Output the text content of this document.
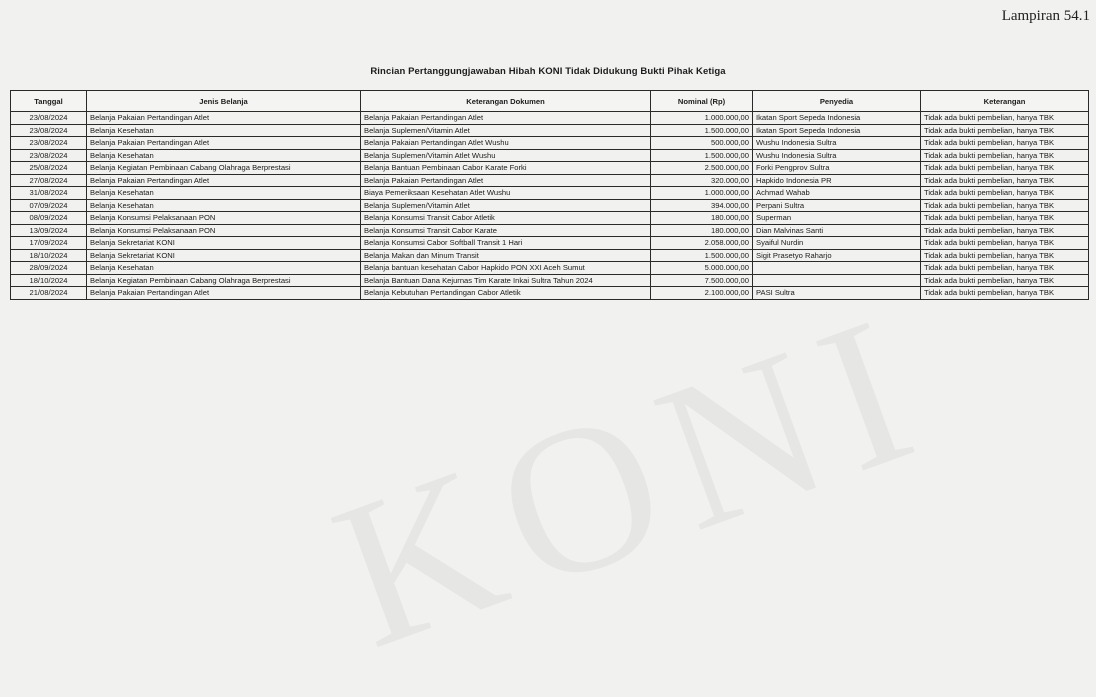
Lampiran 54.1
Rincian Pertanggungjawaban Hibah KONI Tidak Didukung Bukti Pihak Ketiga
Tanggal	Jenis Belanja	Keterangan Dokumen	Nominal (Rp)	Penyedia	Keterangan
23/08/2024	Belanja Pakaian Pertandingan Atlet	Belanja Pakaian Pertandingan Atlet	1.000.000,00	Ikatan Sport Sepeda Indonesia	Tidak ada bukti pembelian, hanya TBK
23/08/2024	Belanja Kesehatan	Belanja Suplemen/Vitamin Atlet	1.500.000,00	Ikatan Sport Sepeda Indonesia	Tidak ada bukti pembelian, hanya TBK
23/08/2024	Belanja Pakaian Pertandingan Atlet	Belanja Pakaian Pertandingan Atlet Wushu	500.000,00	Wushu Indonesia Sultra	Tidak ada bukti pembelian, hanya TBK
23/08/2024	Belanja Kesehatan	Belanja Suplemen/Vitamin Atlet Wushu	1.500.000,00	Wushu Indonesia Sultra	Tidak ada bukti pembelian, hanya TBK
25/08/2024	Belanja Kegiatan Pembinaan Cabang Olahraga Berprestasi	Belanja Bantuan Pembinaan Cabor Karate Forki	2.500.000,00	Forki Pengprov Sultra	Tidak ada bukti pembelian, hanya TBK
27/08/2024	Belanja Pakaian Pertandingan Atlet	Belanja Pakaian Pertandingan Atlet	320.000,00	Hapkido Indonesia PR	Tidak ada bukti pembelian, hanya TBK
31/08/2024	Belanja Kesehatan	Biaya Pemeriksaan Kesehatan Atlet Wushu	1.000.000,00	Achmad Wahab	Tidak ada bukti pembelian, hanya TBK
07/09/2024	Belanja Kesehatan	Belanja Suplemen/Vitamin Atlet	394.000,00	Perpani Sultra	Tidak ada bukti pembelian, hanya TBK
08/09/2024	Belanja Konsumsi Pelaksanaan PON	Belanja Konsumsi Transit Cabor Atletik	180.000,00	Superman	Tidak ada bukti pembelian, hanya TBK
13/09/2024	Belanja Konsumsi Pelaksanaan PON	Belanja Konsumsi Transit Cabor Karate	180.000,00	Dian Malvinas Santi	Tidak ada bukti pembelian, hanya TBK
17/09/2024	Belanja Sekretariat KONI	Belanja Konsumsi Cabor Softball Transit 1 Hari	2.058.000,00	Syaiful Nurdin	Tidak ada bukti pembelian, hanya TBK
18/10/2024	Belanja Sekretariat KONI	Belanja Makan dan Minum Transit	1.500.000,00	Sigit Prasetyo Raharjo	Tidak ada bukti pembelian, hanya TBK
28/09/2024	Belanja Kesehatan	Belanja bantuan kesehatan Cabor Hapkido PON XXI Aceh Sumut	5.000.000,00		Tidak ada bukti pembelian, hanya TBK
18/10/2024	Belanja Kegiatan Pembinaan Cabang Olahraga Berprestasi	Belanja Bantuan Dana Kejurnas Tim Karate Inkai Sultra Tahun 2024	7.500.000,00		Tidak ada bukti pembelian, hanya TBK
21/08/2024	Belanja Pakaian Pertandingan Atlet	Belanja Kebutuhan Pertandingan Cabor Atletik	2.100.000,00	PASI Sultra	Tidak ada bukti pembelian, hanya TBK
